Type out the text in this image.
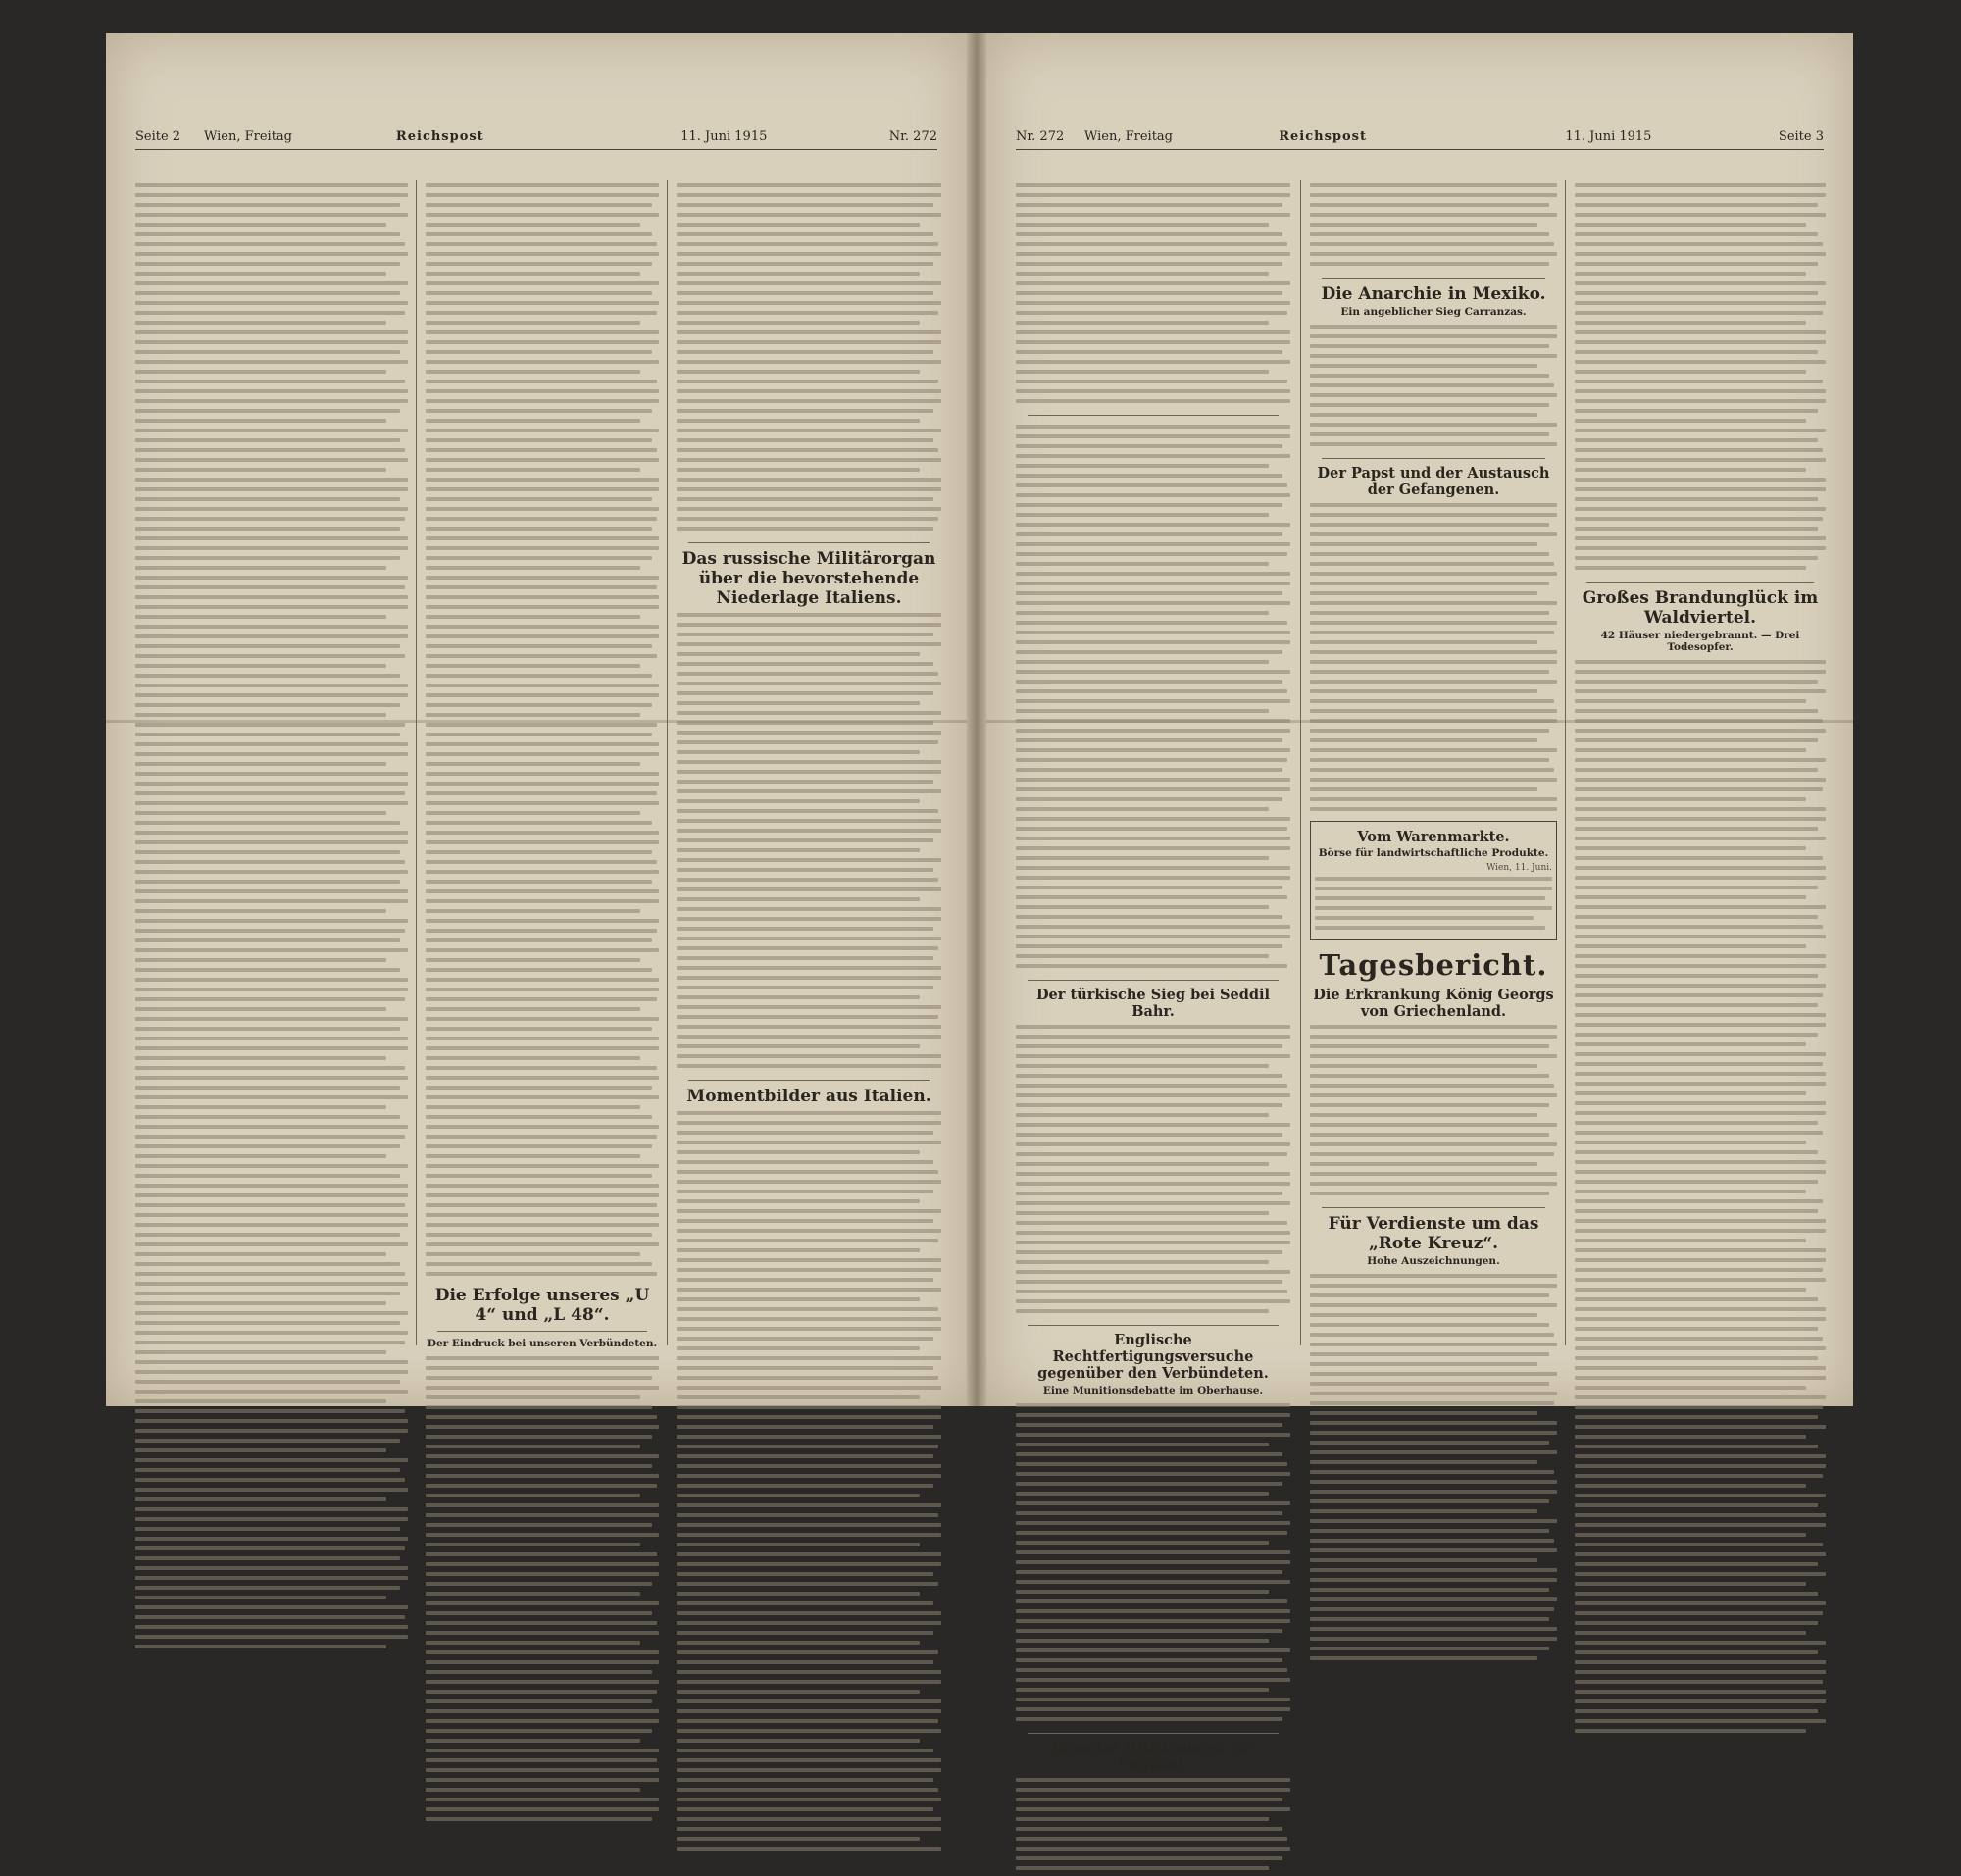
Seite 2 Wien, Freitag	Reichspost	11. Juni 1915	Nr. 272
Die Erfolge unseres „U 4“ und „L 48“.
Der Eindruck bei unseren Verbündeten.
Das russische Militärorgan über die bevorstehende Niederlage Italiens.
Momentbilder aus Italien.
Nr. 272 Wien, Freitag	Reichspost	11. Juni 1915	Seite 3
Der türkische Sieg bei Seddil Bahr.
Englische Rechtfertigungsversuche gegenüber den Verbündeten.
Eine Munitionsdebatte im Oberhause.
Kanadas Hilfstruppen für England.
Die Anarchie in Mexiko.
Ein angeblicher Sieg Carranzas.
Der Papst und der Austausch der Gefangenen.
Vom Warenmarkte.
Börse für landwirtschaftliche Produkte.
Wien, 11. Juni.
Tagesbericht.
Die Erkrankung König Georgs von Griechenland.
Für Verdienste um das „Rote Kreuz“.
Hohe Auszeichnungen.
Großes Brandunglück im Waldviertel.
42 Häuser niedergebrannt. — Drei Todesopfer.
